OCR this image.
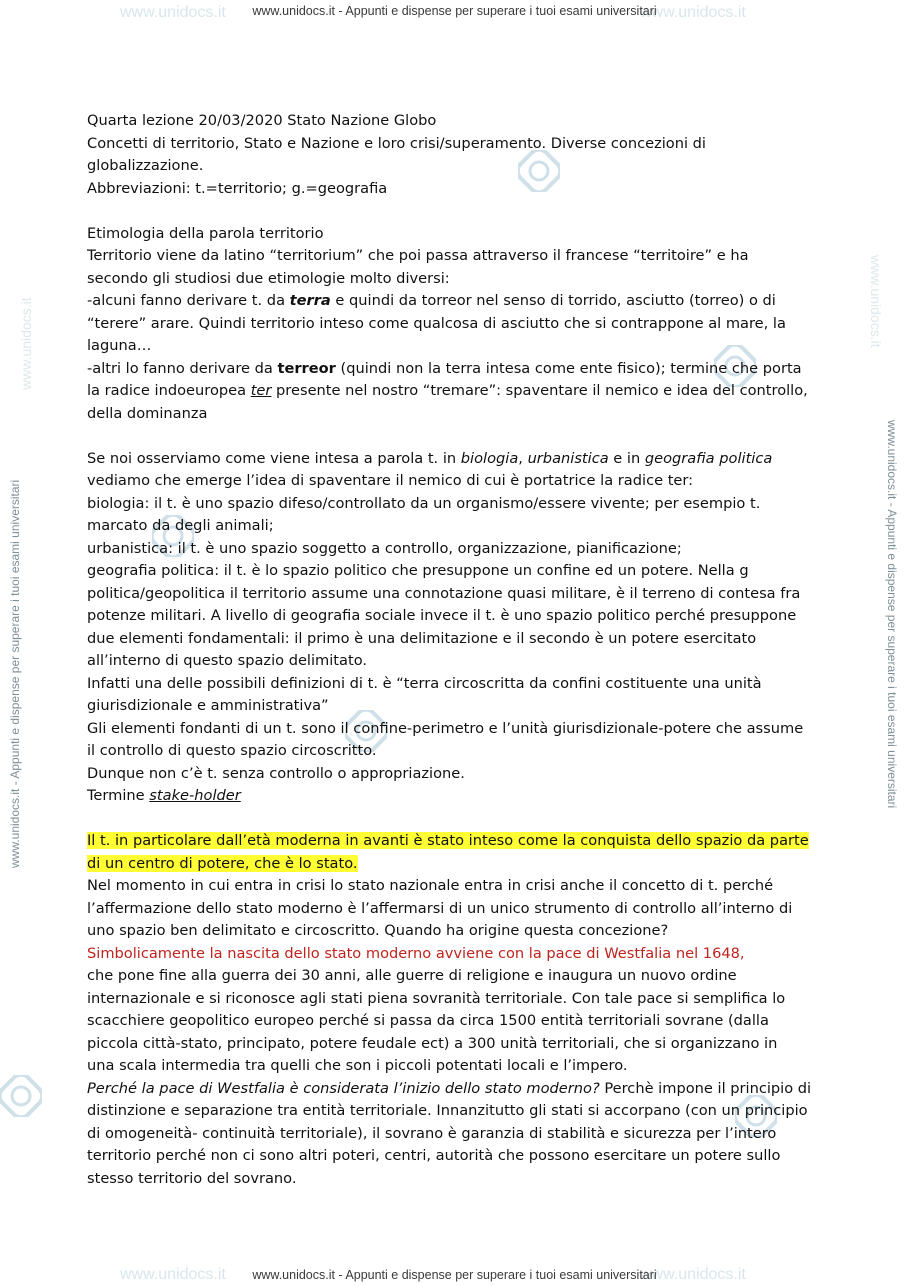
www.unidocs.it	www.unidocs.it
www.unidocs.it	www.unidocs.it
www.unidocs.it - Appunti e dispense per superare i tuoi esami universitari
www.unidocs.it - Appunti e dispense per superare i tuoi esami universitari
www.unidocs.it - Appunti e dispense per superare i tuoi esami universitari	www.unidocs.it - Appunti e dispense per superare i tuoi esami universitari
www.unidocs.it	www.unidocs.it
Quarta lezione 20/03/2020 Stato Nazione Globo
Concetti di territorio, Stato e Nazione e loro crisi/superamento. Diverse concezioni di
globalizzazione.
Abbreviazioni: t.=territorio; g.=geografia
Etimologia della parola territorio
Territorio viene da latino “territorium” che poi passa attraverso il francese “territoire” e ha
secondo gli studiosi due etimologie molto diversi:
-alcuni fanno derivare t. da terra e quindi da torreor nel senso di torrido, asciutto (torreo) o di
“terere” arare. Quindi territorio inteso come qualcosa di asciutto che si contrappone al mare, la
laguna…
-altri lo fanno derivare da terreor (quindi non la terra intesa come ente fisico); termine che porta
la radice indoeuropea ter presente nel nostro “tremare”: spaventare il nemico e idea del controllo,
della dominanza
Se noi osserviamo come viene intesa a parola t. in biologia, urbanistica e in geografia politica
vediamo che emerge l’idea di spaventare il nemico di cui è portatrice la radice ter:
biologia: il t. è uno spazio difeso/controllato da un organismo/essere vivente; per esempio t.
marcato da degli animali;
urbanistica: il t. è uno spazio soggetto a controllo, organizzazione, pianificazione;
geografia politica: il t. è lo spazio politico che presuppone un confine ed un potere. Nella g
politica/geopolitica il territorio assume una connotazione quasi militare, è il terreno di contesa fra
potenze militari. A livello di geografia sociale invece il t. è uno spazio politico perché presuppone
due elementi fondamentali: il primo è una delimitazione e il secondo è un potere esercitato
all’interno di questo spazio delimitato.
Infatti una delle possibili definizioni di t. è “terra circoscritta da confini costituente una unità
giurisdizionale e amministrativa”
Gli elementi fondanti di un t. sono il confine-perimetro e l’unità giurisdizionale-potere che assume
il controllo di questo spazio circoscritto.
Dunque non c’è t. senza controllo o appropriazione.
Termine stake-holder
Il t. in particolare dall’età moderna in avanti è stato inteso come la conquista dello spazio da parte
di un centro di potere, che è lo stato.
Nel momento in cui entra in crisi lo stato nazionale entra in crisi anche il concetto di t. perché
l’affermazione dello stato moderno è l’affermarsi di un unico strumento di controllo all’interno di
uno spazio ben delimitato e circoscritto. Quando ha origine questa concezione?
Simbolicamente la nascita dello stato moderno avviene con la pace di Westfalia nel 1648,
che pone fine alla guerra dei 30 anni, alle guerre di religione e inaugura un nuovo ordine
internazionale e si riconosce agli stati piena sovranità territoriale. Con tale pace si semplifica lo
scacchiere geopolitico europeo perché si passa da circa 1500 entità territoriali sovrane (dalla
piccola città-stato, principato, potere feudale ect) a 300 unità territoriali, che si organizzano in
una scala intermedia tra quelli che son i piccoli potentati locali e l’impero.
Perché la pace di Westfalia è considerata l’inizio dello stato moderno? Perchè impone il principio di
distinzione e separazione tra entità territoriale. Innanzitutto gli stati si accorpano (con un principio
di omogeneità- continuità territoriale), il sovrano è garanzia di stabilità e sicurezza per l’intero
territorio perché non ci sono altri poteri, centri, autorità che possono esercitare un potere sullo
stesso territorio del sovrano.
